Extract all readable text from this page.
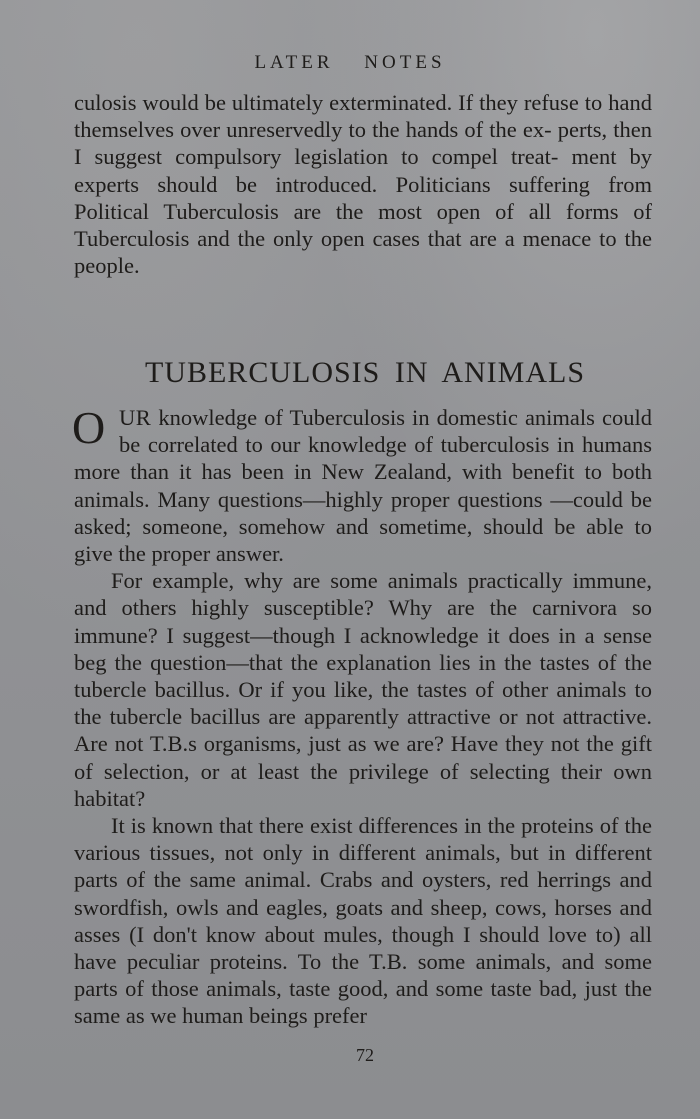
LATER NOTES

culosis would be ultimately exterminated. If they refuse to hand themselves over unreservedly to the hands of the ex- perts, then I suggest compulsory legislation to compel treat- ment by experts should be introduced. Politicians suffering from Political Tuberculosis are the most open of all forms of Tuberculosis and the only open cases that are a menace to the people.

TUBERCULOSIS IN ANIMALS

OUR knowledge of Tuberculosis in domestic animals could be correlated to our knowledge of tuberculosis in humans more than it has been in New Zealand, with benefit to both animals. Many questions—highly proper questions —could be asked; someone, somehow and sometime, should be able to give the proper answer.

For example, why are some animals practically immune, and others highly susceptible? Why are the carnivora so immune? I suggest—though I acknowledge it does in a sense beg the question—that the explanation lies in the tastes of the tubercle bacillus. Or if you like, the tastes of other animals to the tubercle bacillus are apparently attractive or not attractive. Are not T.B.s organisms, just as we are? Have they not the gift of selection, or at least the privilege of selecting their own habitat?

It is known that there exist differences in the proteins of the various tissues, not only in different animals, but in different parts of the same animal. Crabs and oysters, red herrings and swordfish, owls and eagles, goats and sheep, cows, horses and asses (I don't know about mules, though I should love to) all have peculiar proteins. To the T.B. some animals, and some parts of those animals, taste good, and some taste bad, just the same as we human beings prefer

72
